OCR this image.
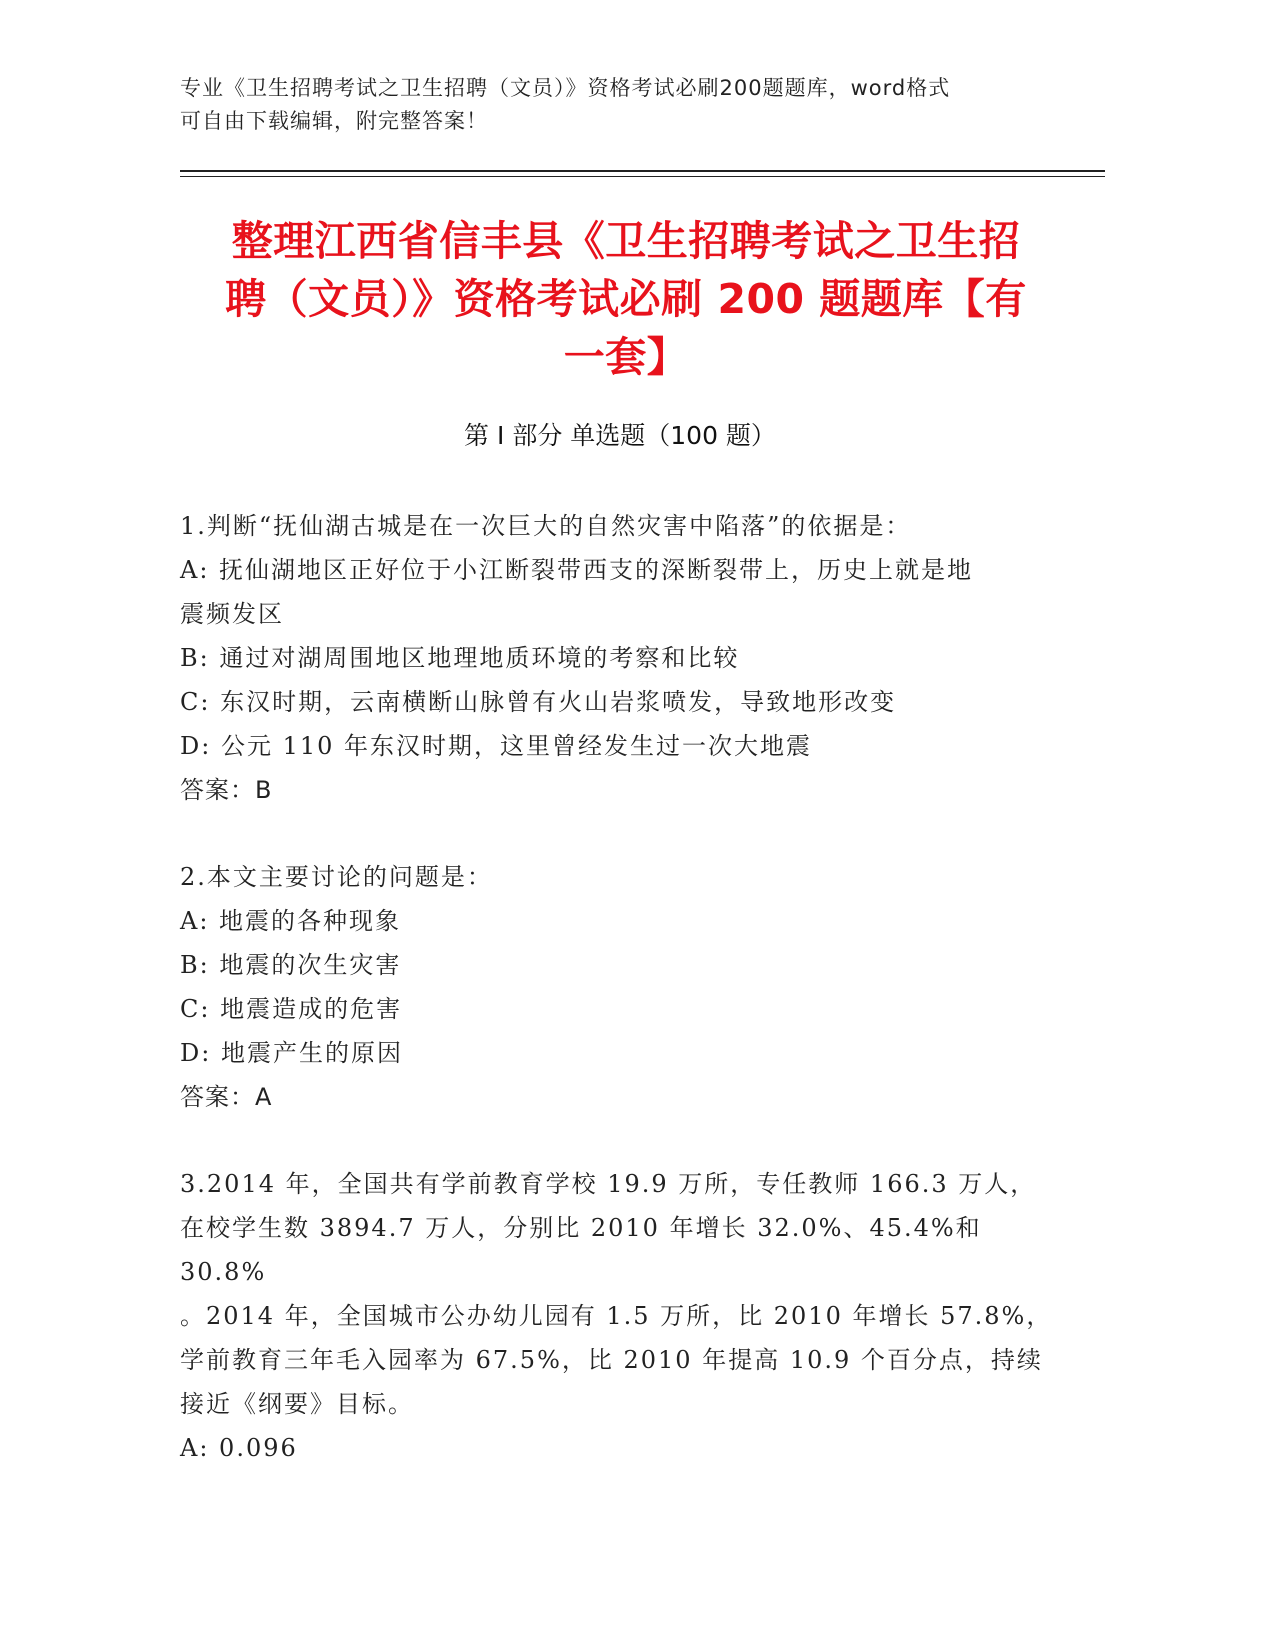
专业《卫生招聘考试之卫生招聘（文员）》资格考试必刷200题题库，word格式
可自由下载编辑，附完整答案！
整理江西省信丰县《卫生招聘考试之卫生招
聘（文员）》资格考试必刷 200 题题库【有
一套】
第 I 部分 单选题（100 题）
1.判断“抚仙湖古城是在一次巨大的自然灾害中陷落”的依据是：
A: 抚仙湖地区正好位于小江断裂带西支的深断裂带上，历史上就是地
震频发区
B: 通过对湖周围地区地理地质环境的考察和比较
C: 东汉时期，云南横断山脉曾有火山岩浆喷发，导致地形改变
D: 公元 110 年东汉时期，这里曾经发生过一次大地震
答案：B
2.本文主要讨论的问题是：
A: 地震的各种现象
B: 地震的次生灾害
C: 地震造成的危害
D: 地震产生的原因
答案：A
3.2014 年，全国共有学前教育学校 19.9 万所，专任教师 166.3 万人，
在校学生数 3894.7 万人，分别比 2010 年增长 32.0%、45.4%和 30.8%
。2014 年，全国城市公办幼儿园有 1.5 万所，比 2010 年增长 57.8%，
学前教育三年毛入园率为 67.5%，比 2010 年提高 10.9 个百分点，持续
接近《纲要》目标。
A: 0.096
